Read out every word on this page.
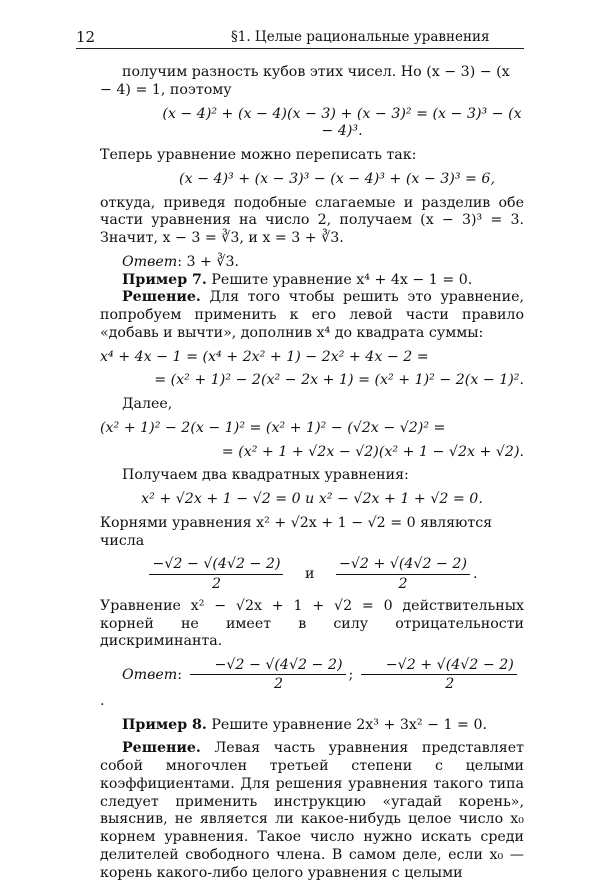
12	§1. Целые рациональные уравнения

получим разность кубов этих чисел. Но (x − 3) − (x − 4) = 1, поэтому

(x − 4)² + (x − 4)(x − 3) + (x − 3)² = (x − 3)³ − (x − 4)³.

Теперь уравнение можно переписать так:

(x − 4)³ + (x − 3)³ − (x − 4)³ + (x − 3)³ = 6,

откуда, приведя подобные слагаемые и разделив обе части уравнения на число 2, получаем (x − 3)³ = 3. Значит, x − 3 = ∛3, и x = 3 + ∛3.

Ответ: 3 + ∛3.

Пример 7. Решите уравнение x⁴ + 4x − 1 = 0.

Решение. Для того чтобы решить это уравнение, попробуем применить к его левой части правило «добавь и вычти», дополнив x⁴ до квадрата суммы:

x⁴ + 4x − 1 = (x⁴ + 2x² + 1) − 2x² + 4x − 2 =

= (x² + 1)² − 2(x² − 2x + 1) = (x² + 1)² − 2(x − 1)².

Далее,

(x² + 1)² − 2(x − 1)² = (x² + 1)² − (√2x − √2)² =

= (x² + 1 + √2x − √2)(x² + 1 − √2x + √2).

Получаем два квадратных уравнения:

x² + √2x + 1 − √2 = 0 и x² − √2x + 1 + √2 = 0.

Корнями уравнения x² + √2x + 1 − √2 = 0 являются числа

$\frac{-√2 - √(4√2 - 2)}{2}$ и $\frac{-√2 + √(4√2 - 2)}{2}$ .

Уравнение x² − √2x + 1 + √2 = 0 действительных корней не имеет в силу отрицательности дискриминанта.

Ответ: $\frac{-√2 - √(4√2 - 2)}{2}$ ; $\frac{-√2 + √(4√2 - 2)}{2}$
.

Пример 8. Решите уравнение 2x³ + 3x² − 1 = 0.

Решение. Левая часть уравнения представляет собой многочлен третьей степени с целыми коэффициентами. Для решения уравнения такого типа следует применить инструкцию «угадай корень», выяснив, не является ли какое-нибудь целое число x₀ корнем уравнения. Такое число нужно искать среди делителей свободного члена. В самом деле, если x₀ — корень какого-либо целого уравнения с целыми
